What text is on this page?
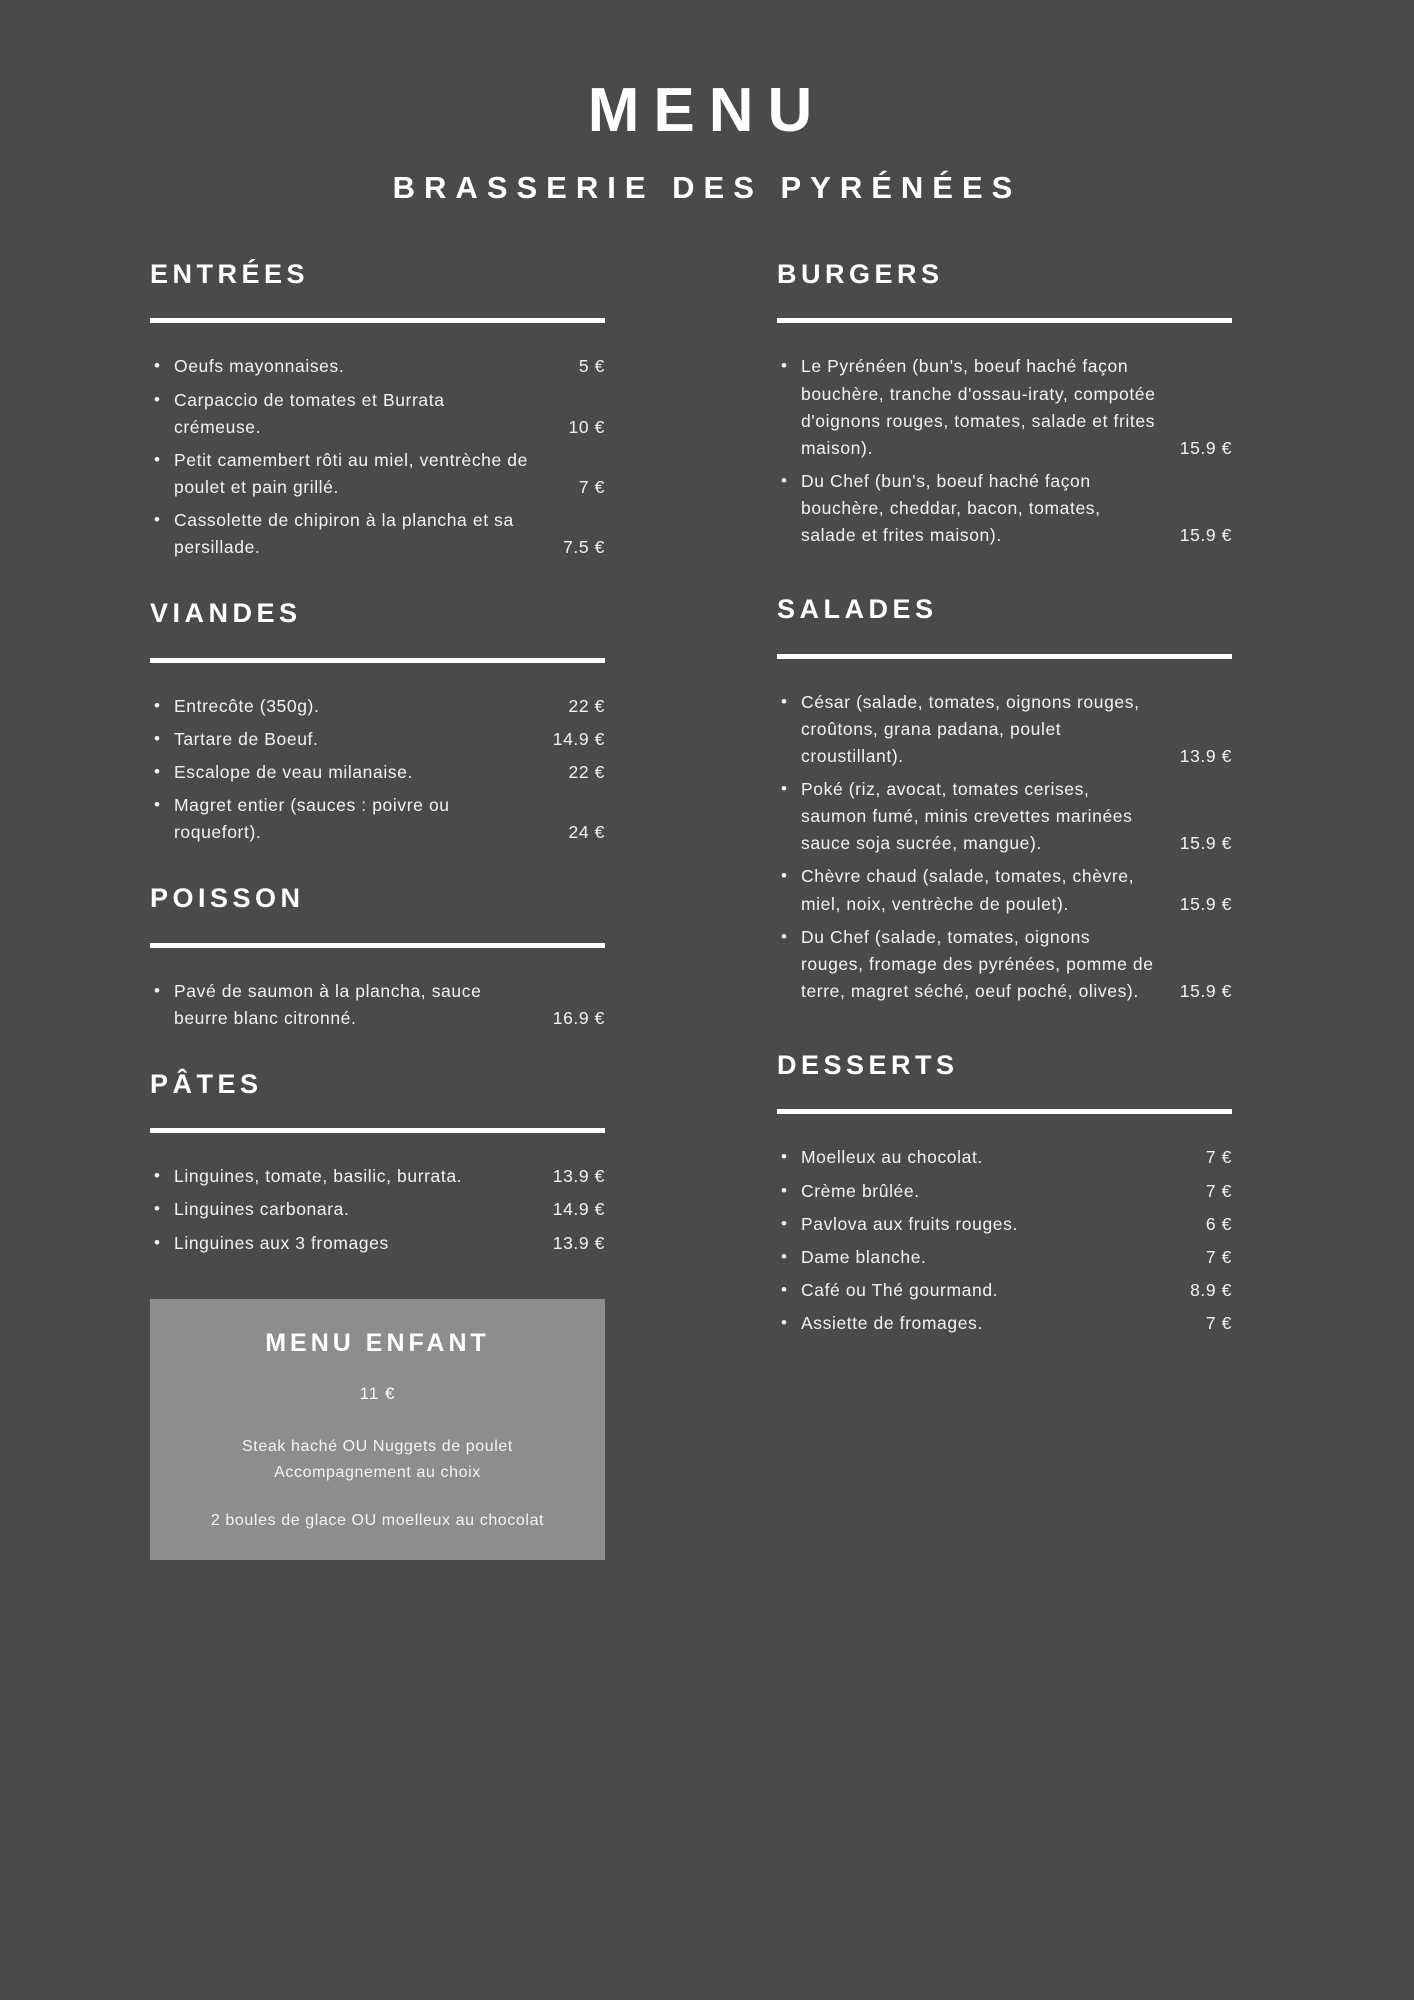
MENU
BRASSERIE DES PYRÉNÉES
ENTRÉES
• Oeufs mayonnaises.	5 €
• Carpaccio de tomates et Burrata crémeuse.	10 €
• Petit camembert rôti au miel, ventrèche de poulet et pain grillé.	7 €
• Cassolette de chipiron à la plancha et sa persillade.	7.5 €
VIANDES
• Entrecôte (350g).	22 €
• Tartare de Boeuf.	14.9 €
• Escalope de veau milanaise.	22 €
• Magret entier (sauces : poivre ou roquefort).	24 €
POISSON
• Pavé de saumon à la plancha, sauce beurre blanc citronné.	16.9 €
PÂTES
• Linguines, tomate, basilic, burrata.	13.9 €
• Linguines carbonara.	14.9 €
• Linguines aux 3 fromages	13.9 €
MENU ENFANT
11 €
Steak haché OU Nuggets de poulet
Accompagnement au choix
2 boules de glace OU moelleux au chocolat
BURGERS
• Le Pyrénéen (bun's, boeuf haché façon bouchère, tranche d'ossau-iraty, compotée d'oignons rouges, tomates, salade et frites maison).	15.9 €
• Du Chef (bun's, boeuf haché façon bouchère, cheddar, bacon, tomates, salade et frites maison).	15.9 €
SALADES
• César (salade, tomates, oignons rouges, croûtons, grana padana, poulet croustillant).	13.9 €
• Poké (riz, avocat, tomates cerises, saumon fumé, minis crevettes marinées sauce soja sucrée, mangue).	15.9 €
• Chèvre chaud (salade, tomates, chèvre, miel, noix, ventrèche de poulet).	15.9 €
• Du Chef (salade, tomates, oignons rouges, fromage des pyrénées, pomme de terre, magret séché, oeuf poché, olives).	15.9 €
DESSERTS
• Moelleux au chocolat.	7 €
• Crème brûlée.	7 €
• Pavlova aux fruits rouges.	6 €
• Dame blanche.	7 €
• Café ou Thé gourmand.	8.9 €
• Assiette de fromages.	7 €
